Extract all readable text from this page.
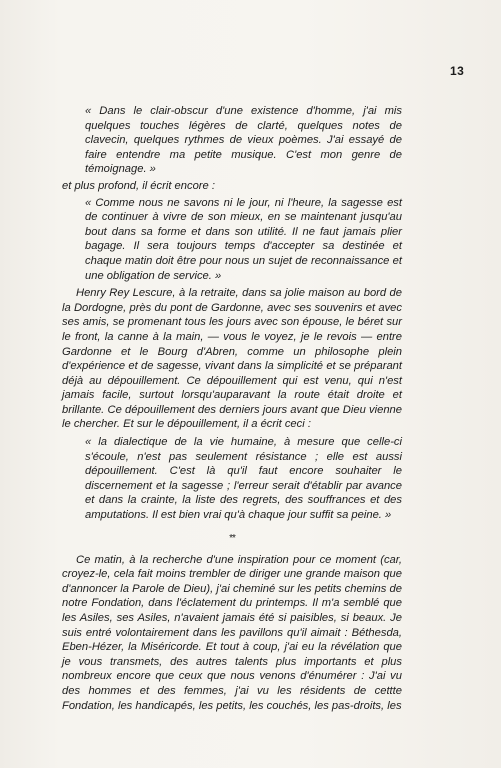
13

« Dans le clair-obscur d'une existence d'homme, j'ai mis quelques touches légères de clarté, quelques notes de clavecin, quelques rythmes de vieux poèmes. J'ai essayé de faire entendre ma petite musique. C'est mon genre de témoignage. »

et plus profond, il écrit encore :

« Comme nous ne savons ni le jour, ni l'heure, la sagesse est de continuer à vivre de son mieux, en se maintenant jusqu'au bout dans sa forme et dans son utilité. Il ne faut jamais plier bagage. Il sera toujours temps d'accepter sa destinée et chaque matin doit être pour nous un sujet de reconnaissance et une obligation de service. »

Henry Rey Lescure, à la retraite, dans sa jolie maison au bord de la Dordogne, près du pont de Gardonne, avec ses souvenirs et avec ses amis, se promenant tous les jours avec son épouse, le béret sur le front, la canne à la main, — vous le voyez, je le revois — entre Gardonne et le Bourg d'Abren, comme un philosophe plein d'expérience et de sagesse, vivant dans la simplicité et se préparant déjà au dépouillement. Ce dépouillement qui est venu, qui n'est jamais facile, surtout lorsqu'auparavant la route était droite et brillante. Ce dépouillement des derniers jours avant que Dieu vienne le chercher. Et sur le dépouillement, il a écrit ceci :

« la dialectique de la vie humaine, à mesure que celle-ci s'écoule, n'est pas seulement résistance ; elle est aussi dépouillement. C'est là qu'il faut encore souhaiter le discernement et la sagesse ; l'erreur serait d'établir par avance et dans la crainte, la liste des regrets, des souffrances et des amputations. Il est bien vrai qu'à chaque jour suffit sa peine. »

**

Ce matin, à la recherche d'une inspiration pour ce moment (car, croyez-le, cela fait moins trembler de diriger une grande maison que d'annoncer la Parole de Dieu), j'ai cheminé sur les petits chemins de notre Fondation, dans l'éclatement du printemps. Il m'a semblé que les Asiles, ses Asiles, n'avaient jamais été si paisibles, si beaux. Je suis entré volontairement dans les pavillons qu'il aimait : Béthesda, Eben-Hézer, la Miséricorde. Et tout à coup, j'ai eu la révélation que je vous transmets, des autres talents plus importants et plus nombreux encore que ceux que nous venons d'énumérer : J'ai vu des hommes et des femmes, j'ai vu les résidents de cettte Fondation, les handicapés, les petits, les couchés, les pas-droits, les
